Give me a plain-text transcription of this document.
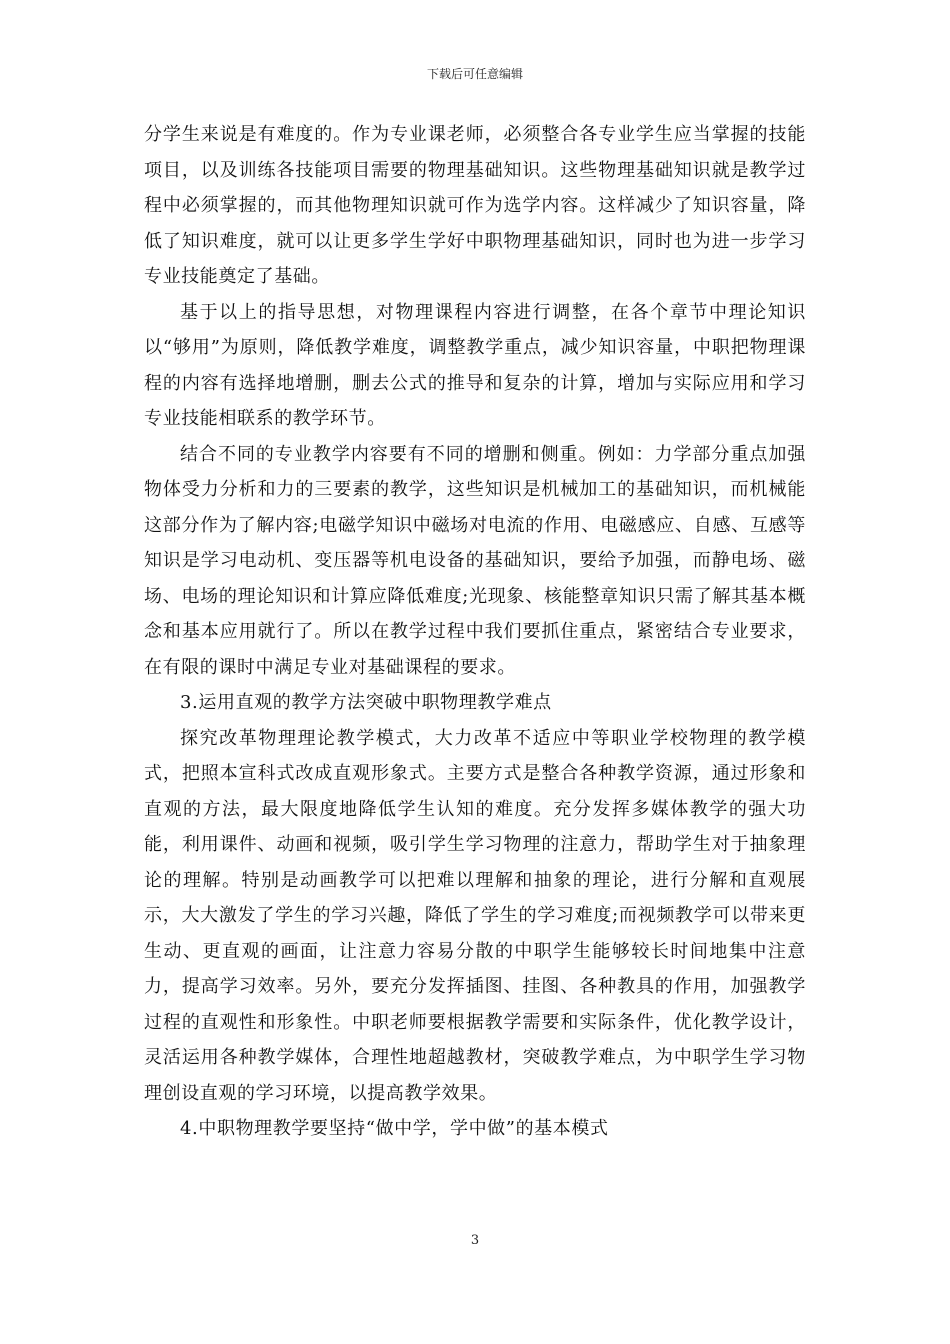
下载后可任意编辑

分学生来说是有难度的。作为专业课老师，必须整合各专业学生应当掌握的技能项目，以及训练各技能项目需要的物理基础知识。这些物理基础知识就是教学过程中必须掌握的，而其他物理知识就可作为选学内容。这样减少了知识容量，降低了知识难度，就可以让更多学生学好中职物理基础知识，同时也为进一步学习专业技能奠定了基础。

基于以上的指导思想，对物理课程内容进行调整，在各个章节中理论知识以“够用”为原则，降低教学难度，调整教学重点，减少知识容量，中职把物理课程的内容有选择地增删，删去公式的推导和复杂的计算，增加与实际应用和学习专业技能相联系的教学环节。

结合不同的专业教学内容要有不同的增删和侧重。例如：力学部分重点加强物体受力分析和力的三要素的教学，这些知识是机械加工的基础知识，而机械能这部分作为了解内容;电磁学知识中磁场对电流的作用、电磁感应、自感、互感等知识是学习电动机、变压器等机电设备的基础知识，要给予加强，而静电场、磁场、电场的理论知识和计算应降低难度;光现象、核能整章知识只需了解其基本概念和基本应用就行了。所以在教学过程中我们要抓住重点，紧密结合专业要求，在有限的课时中满足专业对基础课程的要求。

3.运用直观的教学方法突破中职物理教学难点

探究改革物理理论教学模式，大力改革不适应中等职业学校物理的教学模式，把照本宣科式改成直观形象式。主要方式是整合各种教学资源，通过形象和直观的方法，最大限度地降低学生认知的难度。充分发挥多媒体教学的强大功能，利用课件、动画和视频，吸引学生学习物理的注意力，帮助学生对于抽象理论的理解。特别是动画教学可以把难以理解和抽象的理论，进行分解和直观展示，大大激发了学生的学习兴趣，降低了学生的学习难度;而视频教学可以带来更生动、更直观的画面，让注意力容易分散的中职学生能够较长时间地集中注意力，提高学习效率。另外，要充分发挥插图、挂图、各种教具的作用，加强教学过程的直观性和形象性。中职老师要根据教学需要和实际条件，优化教学设计，灵活运用各种教学媒体，合理性地超越教材，突破教学难点，为中职学生学习物理创设直观的学习环境，以提高教学效果。

4.中职物理教学要坚持“做中学，学中做”的基本模式

3
